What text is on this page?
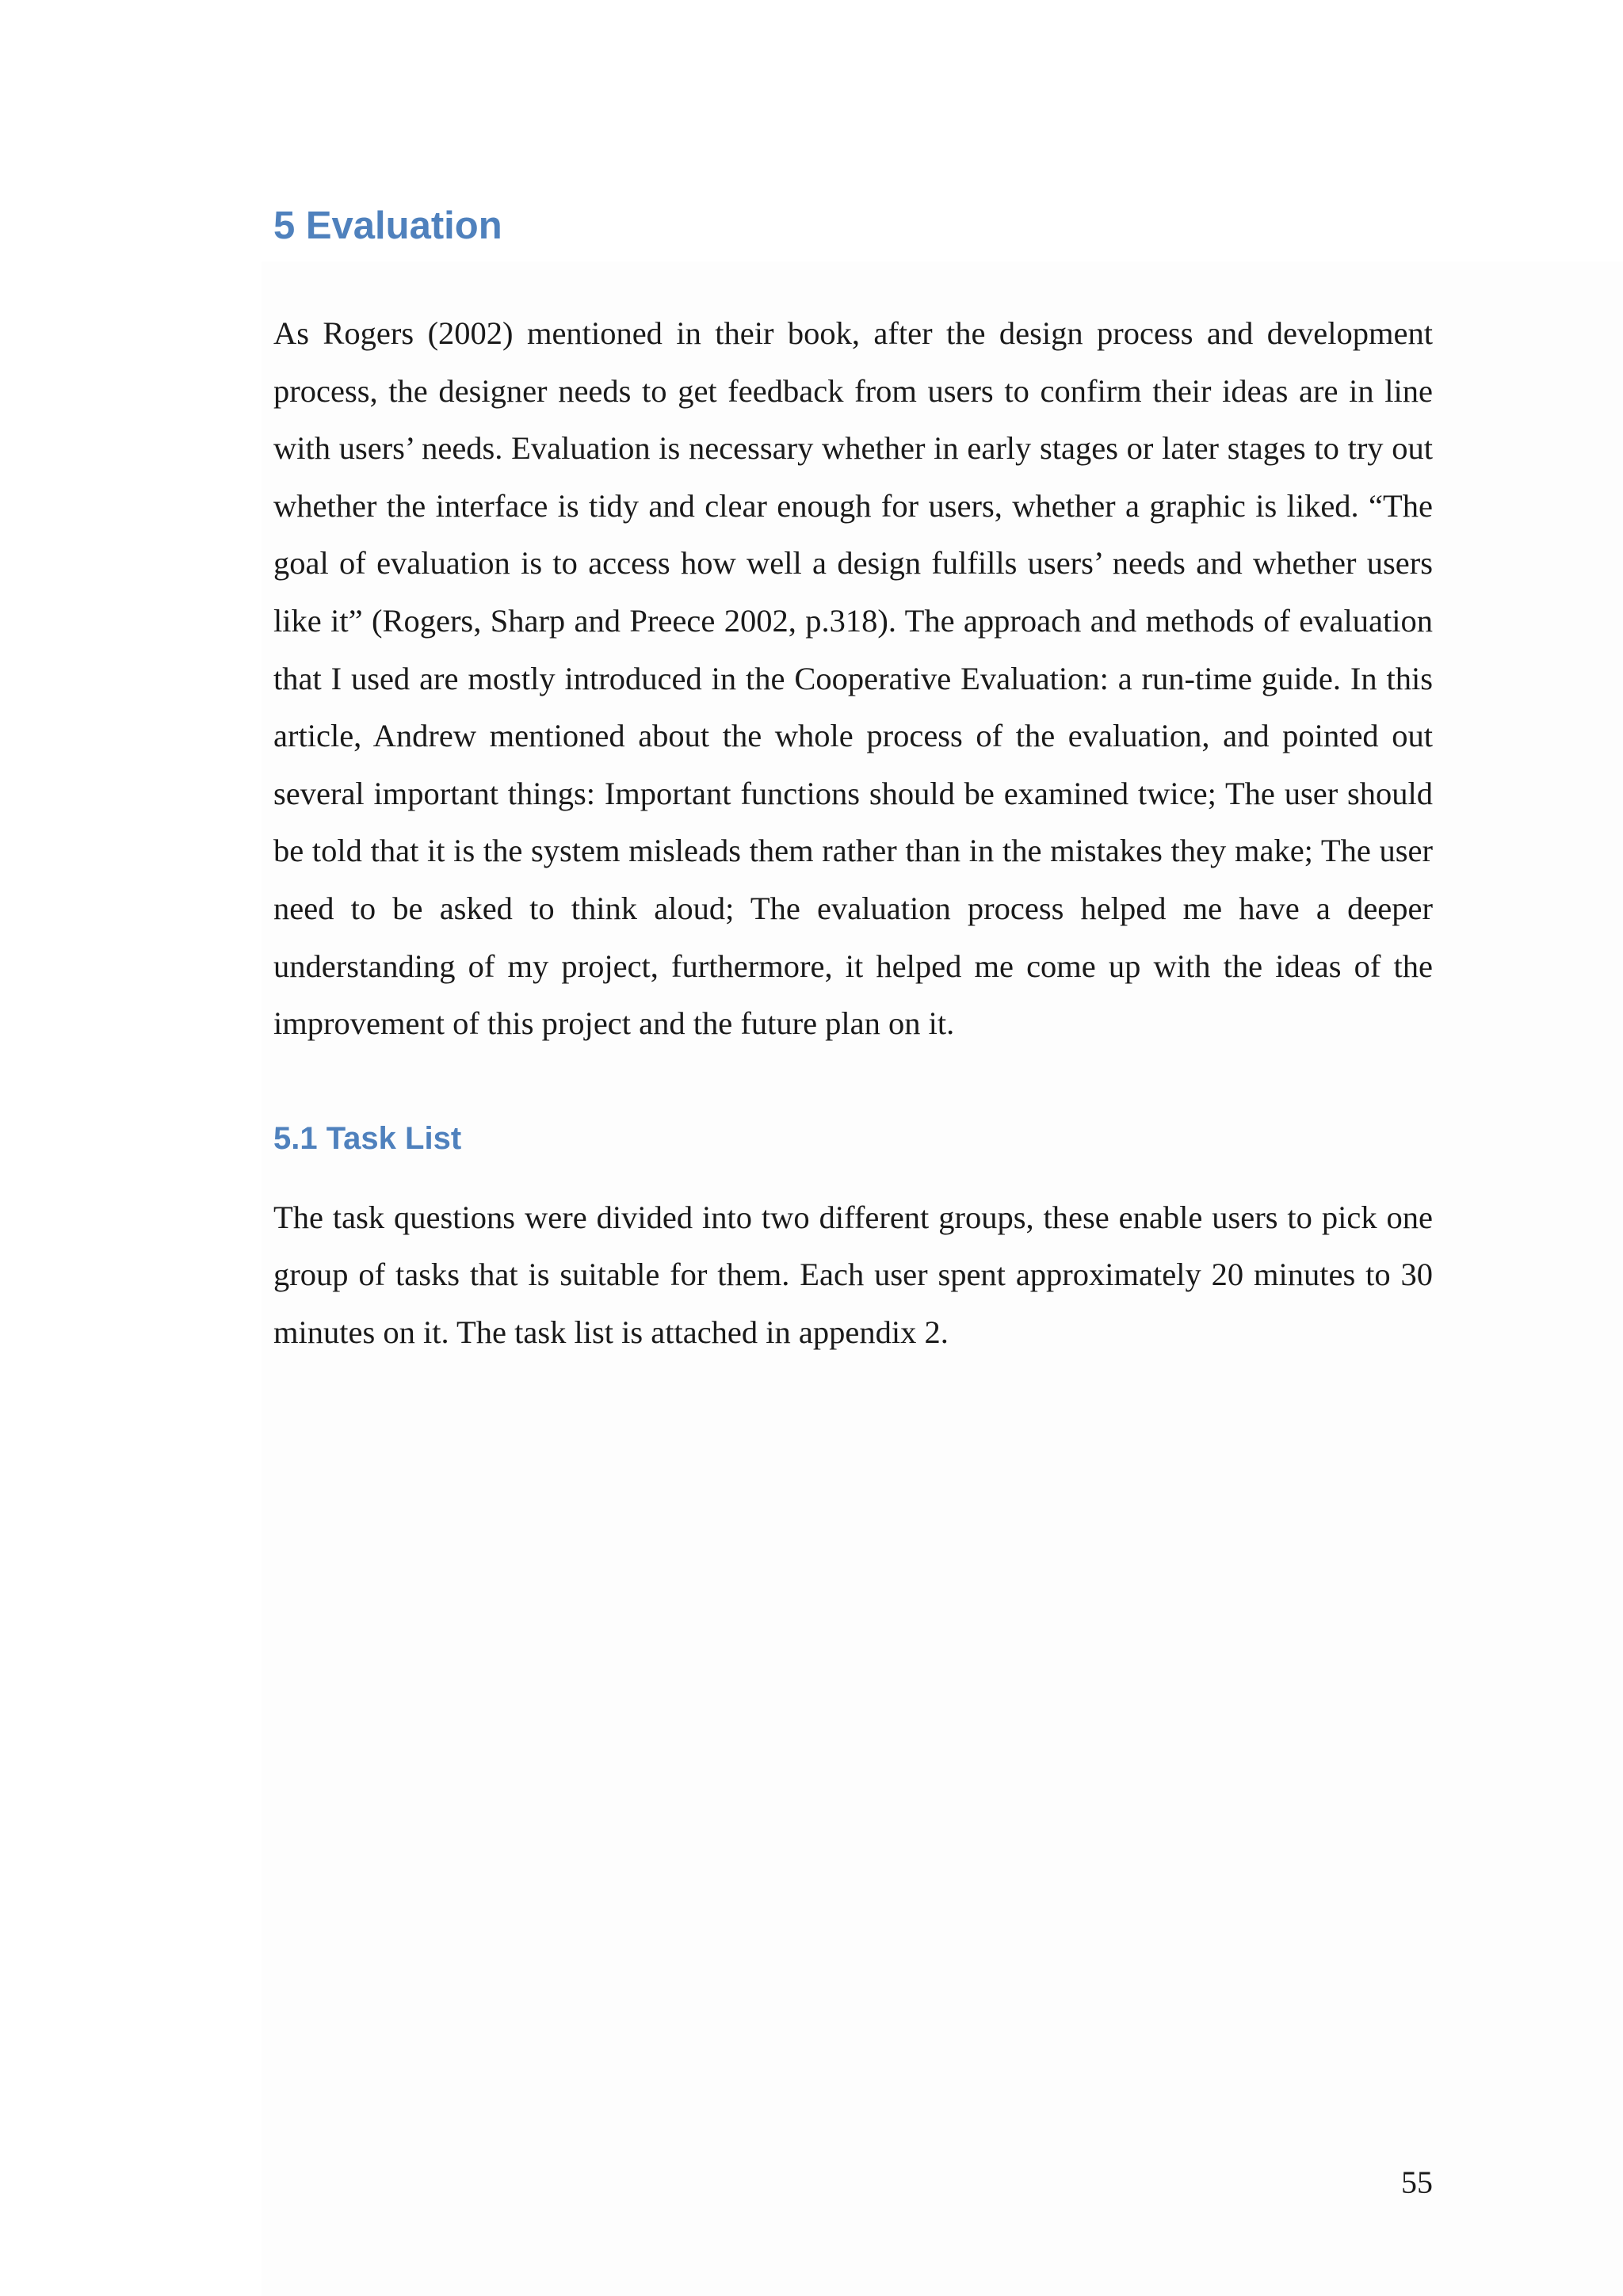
5 Evaluation

As Rogers (2002) mentioned in their book, after the design process and development process, the designer needs to get feedback from users to confirm their ideas are in line with users’ needs. Evaluation is necessary whether in early stages or later stages to try out whether the interface is tidy and clear enough for users, whether a graphic is liked. “The goal of evaluation is to access how well a design fulfills users’ needs and whether users like it” (Rogers, Sharp and Preece 2002, p.318). The approach and methods of evaluation that I used are mostly introduced in the Cooperative Evaluation: a run-time guide. In this article, Andrew mentioned about the whole process of the evaluation, and pointed out several important things: Important functions should be examined twice; The user should be told that it is the system misleads them rather than in the mistakes they make; The user need to be asked to think aloud; The evaluation process helped me have a deeper understanding of my project, furthermore, it helped me come up with the ideas of the improvement of this project and the future plan on it.

5.1 Task List

The task questions were divided into two different groups, these enable users to pick one group of tasks that is suitable for them. Each user spent approximately 20 minutes to 30 minutes on it. The task list is attached in appendix 2.

55
